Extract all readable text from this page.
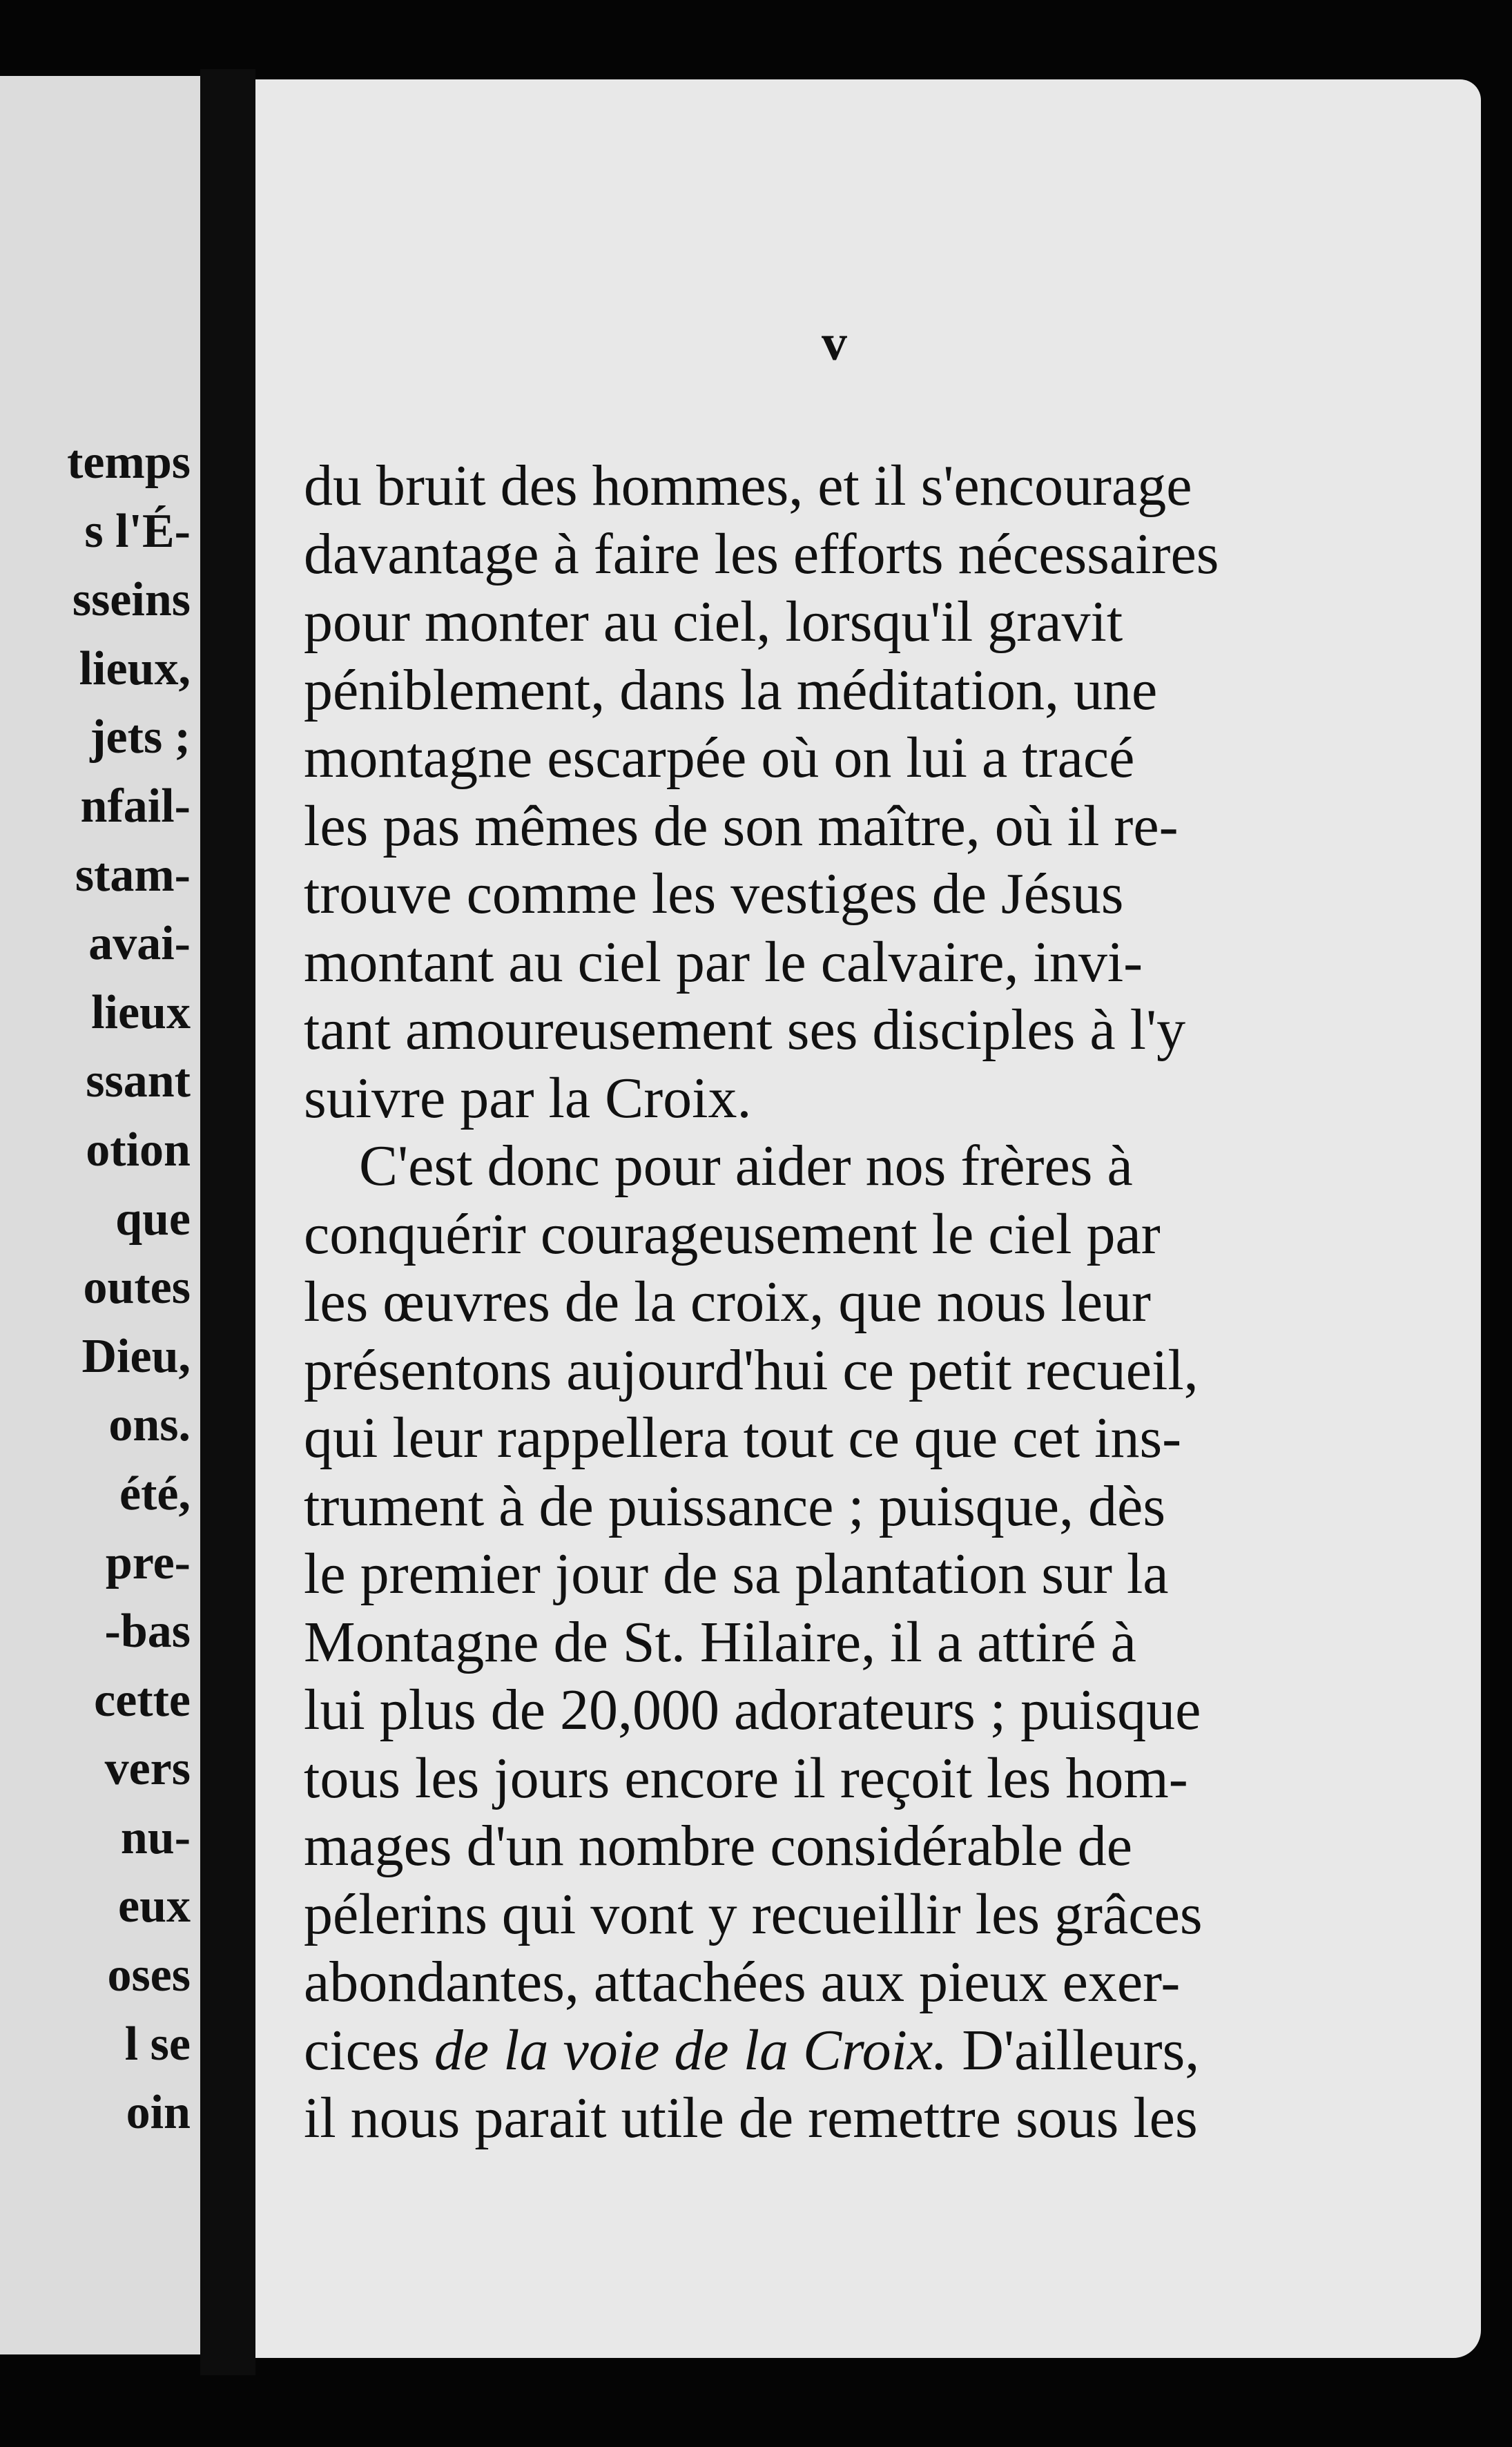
temps
s l'É-
sseins
lieux,
jets ;
nfail-
stam-
avai-
lieux
ssant
otion
que
outes
Dieu,
ons.
été,
pre-
-bas
cette
vers
nu-
eux
oses
l se
oin
v
du bruit des hommes, et il s'encourage
davantage à faire les efforts nécessaires
pour monter au ciel, lorsqu'il gravit
péniblement, dans la méditation, une
montagne escarpée où on lui a tracé
les pas mêmes de son maître, où il re-
trouve comme les vestiges de Jésus
montant au ciel par le calvaire, invi-
tant amoureusement ses disciples à l'y
suivre par la Croix.
C'est donc pour aider nos frères à
conquérir courageusement le ciel par
les œuvres de la croix, que nous leur
présentons aujourd'hui ce petit recueil,
qui leur rappellera tout ce que cet ins-
trument à de puissance ; puisque, dès
le premier jour de sa plantation sur la
Montagne de St. Hilaire, il a attiré à
lui plus de 20,000 adorateurs ; puisque
tous les jours encore il reçoit les hom-
mages d'un nombre considérable de
pélerins qui vont y recueillir les grâces
abondantes, attachées aux pieux exer-
cices de la voie de la Croix. D'ailleurs,
il nous parait utile de remettre sous les
